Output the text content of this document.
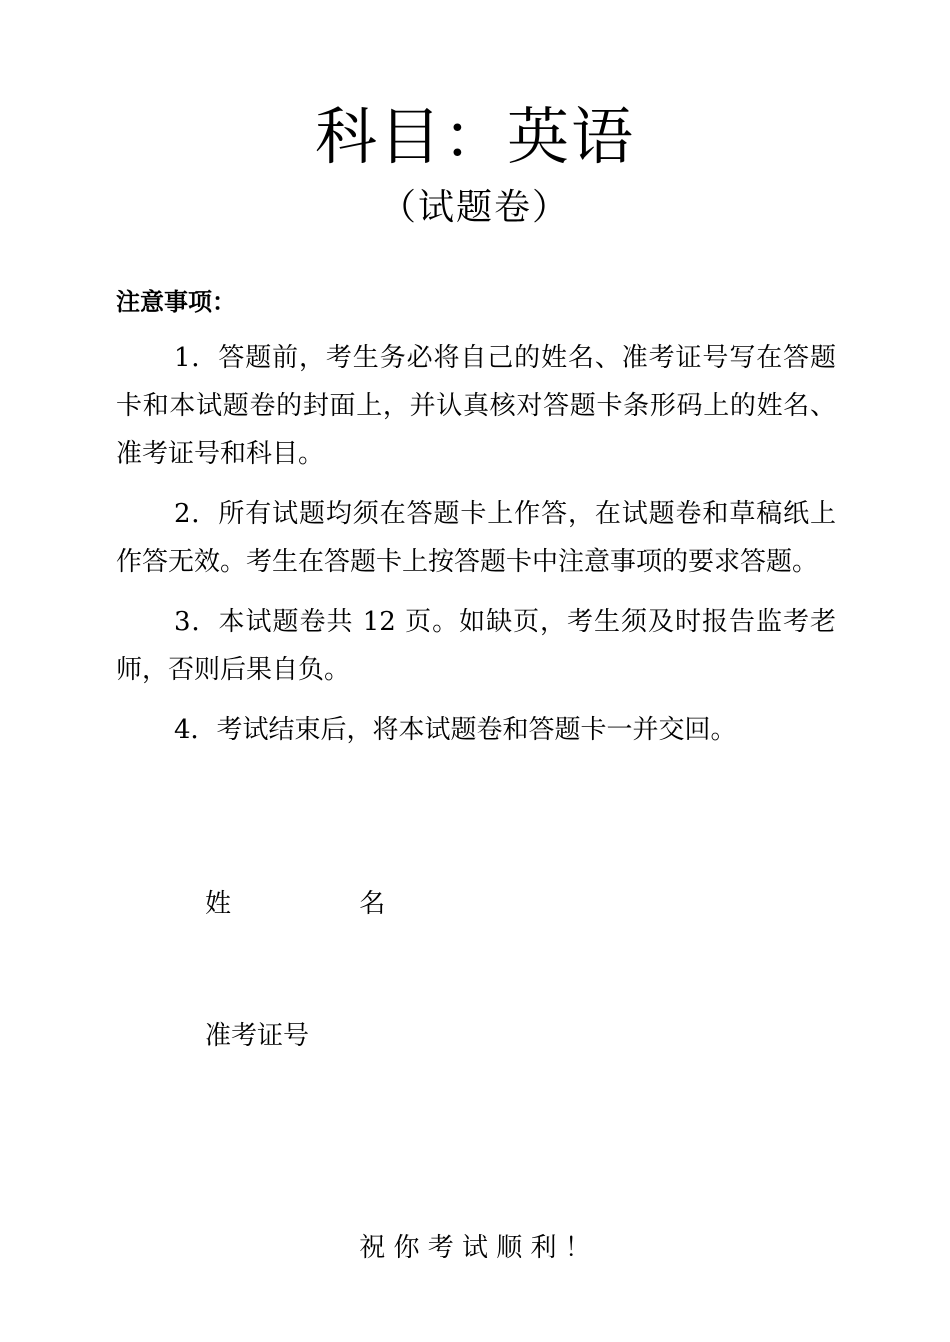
科目：英语
（试题卷）
注意事项：
1．答题前，考生务必将自己的姓名、准考证号写在答题卡和本试题卷的封面上，并认真核对答题卡条形码上的姓名、准考证号和科目。
2．所有试题均须在答题卡上作答，在试题卷和草稿纸上作答无效。考生在答题卡上按答题卡中注意事项的要求答题。
3．本试题卷共 12 页。如缺页，考生须及时报告监考老师，否则后果自负。
4．考试结束后，将本试题卷和答题卡一并交回。
姓 名
准考证号
祝 你 考 试 顺 利 ！
